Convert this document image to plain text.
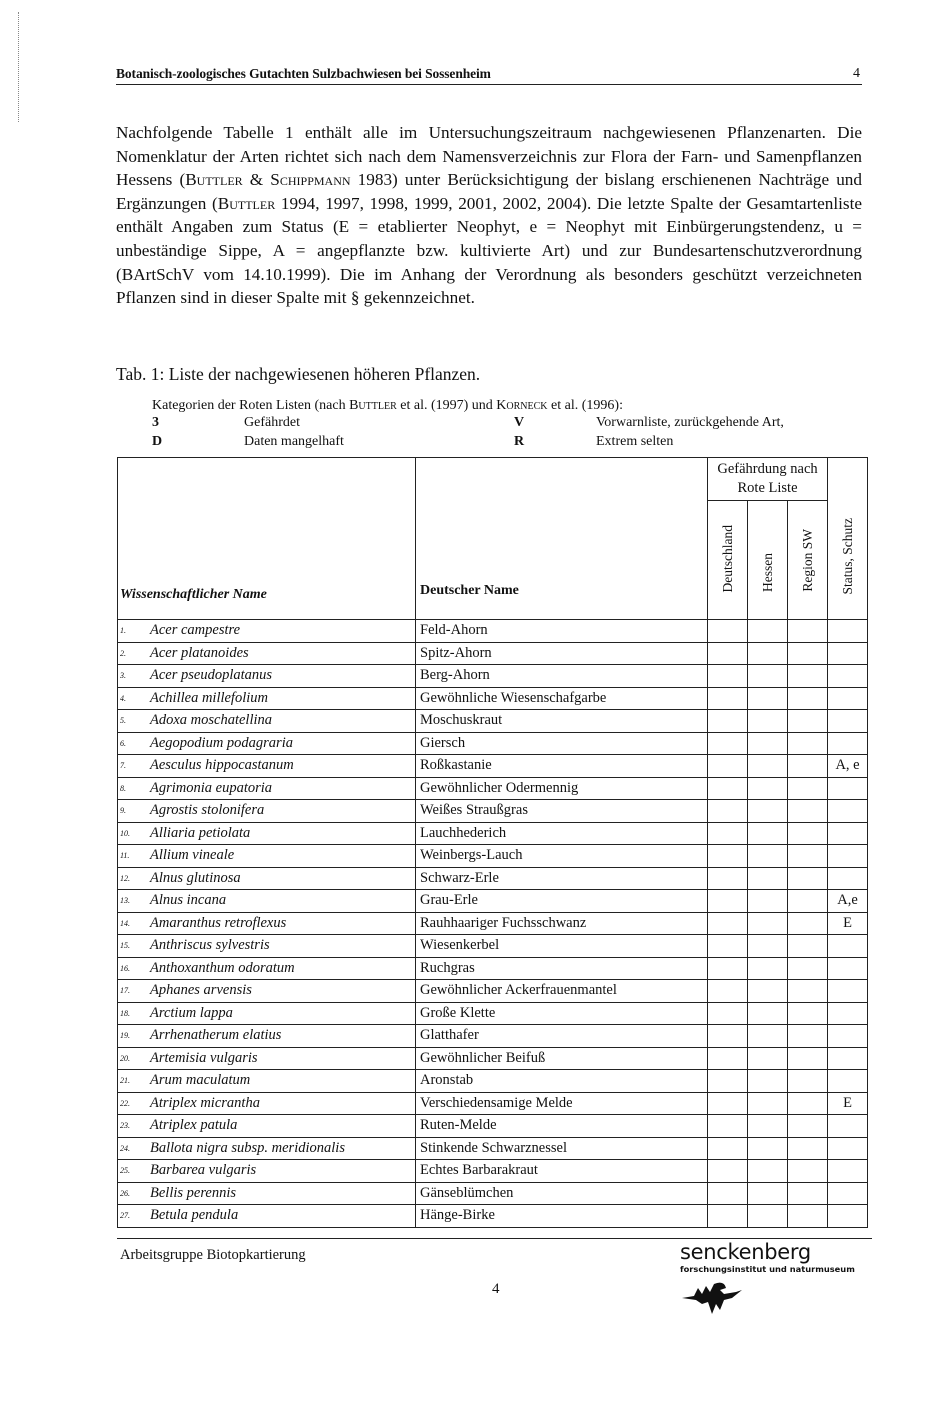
Botanisch-zoologisches Gutachten Sulzbachwiesen bei Sossenheim	4
Nachfolgende Tabelle 1 enthält alle im Untersuchungszeitraum nachgewiesenen Pflanzenarten. Die Nomenklatur der Arten richtet sich nach dem Namensverzeichnis zur Flora der Farn- und Samenpflanzen Hessens (Buttler & Schippmann 1983) unter Berücksichtigung der bislang erschienenen Nachträge und Ergänzungen (Buttler 1994, 1997, 1998, 1999, 2001, 2002, 2004). Die letzte Spalte der Gesamtartenliste enthält Angaben zum Status (E = etablierter Neophyt, e = Neophyt mit Einbürgerungstendenz, u = unbeständige Sippe, A = angepflanzte bzw. kultivierte Art) und zur Bundesartenschutzverordnung (BArtSchV vom 14.10.1999). Die im Anhang der Verordnung als besonders geschützt verzeichneten Pflanzen sind in dieser Spalte mit § gekennzeichnet.
Tab. 1: Liste der nachgewiesenen höheren Pflanzen.
Kategorien der Roten Listen (nach Buttler et al. (1997) und Korneck et al. (1996):
3	Gefährdet	V	Vorwarnliste, zurückgehende Art,
D	Daten mangelhaft	R	Extrem selten
Wissenschaftlicher Name	Deutscher Name	Gefährdung nach Rote Liste			Status, Schutz
		Deutschland	Hessen	Region SW	

1. Acer campestre	Feld-Ahorn				

2. Acer platanoides	Spitz-Ahorn				

3. Acer pseudoplatanus	Berg-Ahorn				

4. Achillea millefolium	Gewöhnliche Wiesenschafgarbe				

5. Adoxa moschatellina	Moschuskraut				

6. Aegopodium podagraria	Giersch				

7. Aesculus hippocastanum	Roßkastanie				A, e

8. Agrimonia eupatoria	Gewöhnlicher Odermennig				

9. Agrostis stolonifera	Weißes Straußgras				

10. Alliaria petiolata	Lauchhederich				

11. Allium vineale	Weinbergs-Lauch				

12. Alnus glutinosa	Schwarz-Erle				

13. Alnus incana	Grau-Erle				A,e

14. Amaranthus retroflexus	Rauhhaariger Fuchsschwanz				E

15. Anthriscus sylvestris	Wiesenkerbel				

16. Anthoxanthum odoratum	Ruchgras				

17. Aphanes arvensis	Gewöhnlicher Ackerfrauenmantel				

18. Arctium lappa	Große Klette				

19. Arrhenatherum elatius	Glatthafer				

20. Artemisia vulgaris	Gewöhnlicher Beifuß				

21. Arum maculatum	Aronstab				

22. Atriplex micrantha	Verschiedensamige Melde				E

23. Atriplex patula	Ruten-Melde				

24. Ballota nigra subsp. meridionalis	Stinkende Schwarznessel				

25. Barbarea vulgaris	Echtes Barbarakraut				

26. Bellis perennis	Gänseblümchen				

27. Betula pendula	Hänge-Birke				
Arbeitsgruppe Biotopkartierung
4
senckenberg
forschungsinstitut und naturmuseum
